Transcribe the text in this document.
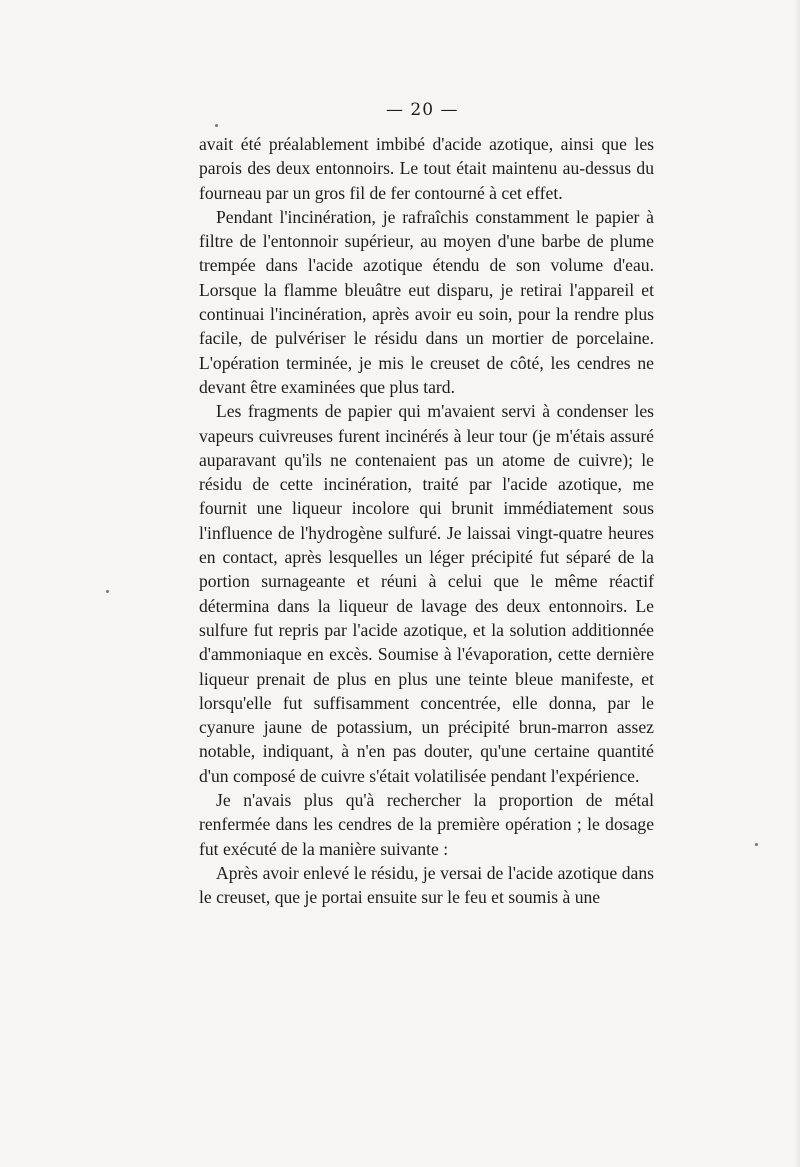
— 20 —

avait été préalablement imbibé d'acide azotique, ainsi que les parois des deux entonnoirs. Le tout était maintenu au-dessus du fourneau par un gros fil de fer contourné à cet effet.

Pendant l'incinération, je rafraîchis constamment le papier à filtre de l'entonnoir supérieur, au moyen d'une barbe de plume trempée dans l'acide azotique étendu de son volume d'eau. Lorsque la flamme bleuâtre eut disparu, je retirai l'appareil et continuai l'incinération, après avoir eu soin, pour la rendre plus facile, de pulvériser le résidu dans un mortier de porcelaine. L'opération terminée, je mis le creuset de côté, les cendres ne devant être examinées que plus tard.

Les fragments de papier qui m'avaient servi à condenser les vapeurs cuivreuses furent incinérés à leur tour (je m'étais assuré auparavant qu'ils ne contenaient pas un atome de cuivre); le résidu de cette incinération, traité par l'acide azotique, me fournit une liqueur incolore qui brunit immédiatement sous l'influence de l'hydrogène sulfuré. Je laissai vingt-quatre heures en contact, après lesquelles un léger précipité fut séparé de la portion surnageante et réuni à celui que le même réactif détermina dans la liqueur de lavage des deux entonnoirs. Le sulfure fut repris par l'acide azotique, et la solution additionnée d'ammoniaque en excès. Soumise à l'évaporation, cette dernière liqueur prenait de plus en plus une teinte bleue manifeste, et lorsqu'elle fut suffisamment concentrée, elle donna, par le cyanure jaune de potassium, un précipité brun-marron assez notable, indiquant, à n'en pas douter, qu'une certaine quantité d'un composé de cuivre s'était volatilisée pendant l'expérience.

Je n'avais plus qu'à rechercher la proportion de métal renfermée dans les cendres de la première opération ; le dosage fut exécuté de la manière suivante :

Après avoir enlevé le résidu, je versai de l'acide azotique dans le creuset, que je portai ensuite sur le feu et soumis à une
